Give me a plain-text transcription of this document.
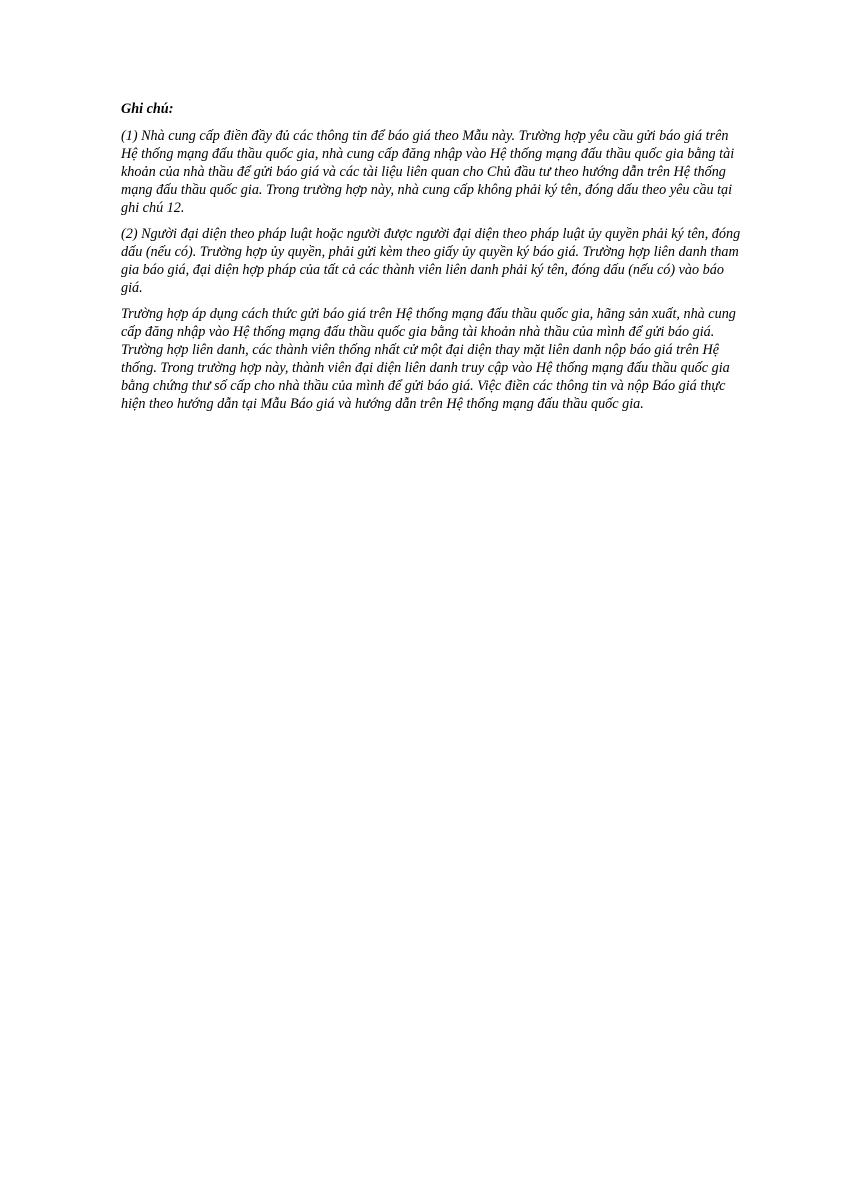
Ghi chú:

(1) Nhà cung cấp điền đầy đủ các thông tin để báo giá theo Mẫu này. Trường hợp yêu cầu gửi báo giá trên Hệ thống mạng đấu thầu quốc gia, nhà cung cấp đăng nhập vào Hệ thống mạng đấu thầu quốc gia bằng tài khoản của nhà thầu để gửi báo giá và các tài liệu liên quan cho Chủ đầu tư theo hướng dẫn trên Hệ thống mạng đấu thầu quốc gia. Trong trường hợp này, nhà cung cấp không phải ký tên, đóng dấu theo yêu cầu tại ghi chú 12.

(2) Người đại diện theo pháp luật hoặc người được người đại diện theo pháp luật ủy quyền phải ký tên, đóng dấu (nếu có). Trường hợp ủy quyền, phải gửi kèm theo giấy ủy quyền ký báo giá. Trường hợp liên danh tham gia báo giá, đại diện hợp pháp của tất cả các thành viên liên danh phải ký tên, đóng dấu (nếu có) vào báo giá.

Trường hợp áp dụng cách thức gửi báo giá trên Hệ thống mạng đấu thầu quốc gia, hãng sản xuất, nhà cung cấp đăng nhập vào Hệ thống mạng đấu thầu quốc gia bằng tài khoản nhà thầu của mình để gửi báo giá. Trường hợp liên danh, các thành viên thống nhất cử một đại diện thay mặt liên danh nộp báo giá trên Hệ thống. Trong trường hợp này, thành viên đại diện liên danh truy cập vào Hệ thống mạng đấu thầu quốc gia bằng chứng thư số cấp cho nhà thầu của mình để gửi báo giá. Việc điền các thông tin và nộp Báo giá thực hiện theo hướng dẫn tại Mẫu Báo giá và hướng dẫn trên Hệ thống mạng đấu thầu quốc gia.
